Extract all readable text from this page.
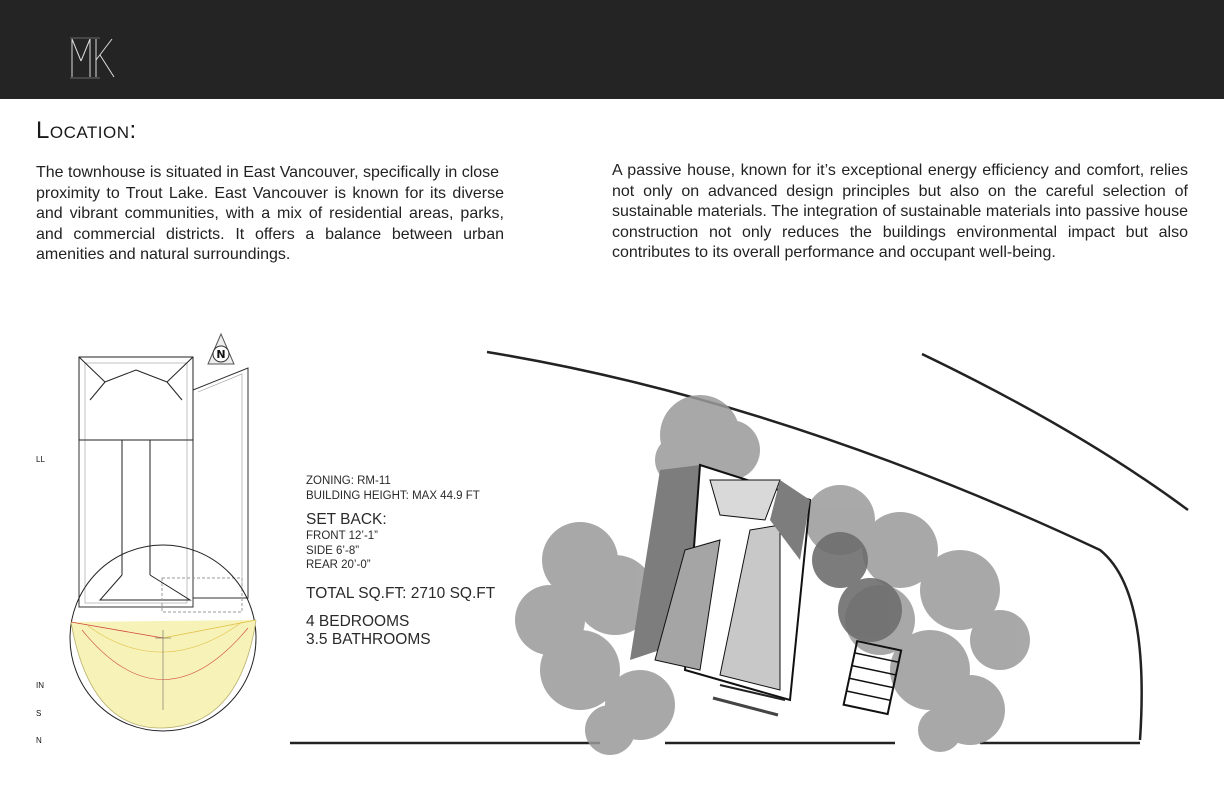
MK
Location:
The townhouse is situated in East Vancouver, specifically in close
proximity to Trout Lake. East Vancouver is known for its diverse and vibrant communities, with a mix of residential areas, parks, and commercial districts. It offers a balance between urban amenities and natural surroundings.
A passive house, known for it’s exceptional energy efficiency and comfort, relies not only on advanced design principles but also on the careful selection of sustainable materials. The integration of sustainable materials into passive house construction not only reduces the buildings environmental impact but also contributes to its overall performance and occupant well-being.
N
LL
IN
S
N
ZONING: RM-11
BUILDING HEIGHT: MAX 44.9 FT
SET BACK:
FRONT 12’-1”
SIDE 6’-8”
REAR 20’-0”
TOTAL SQ.FT: 2710 SQ.FT
4 BEDROOMS
3.5 BATHROOMS
